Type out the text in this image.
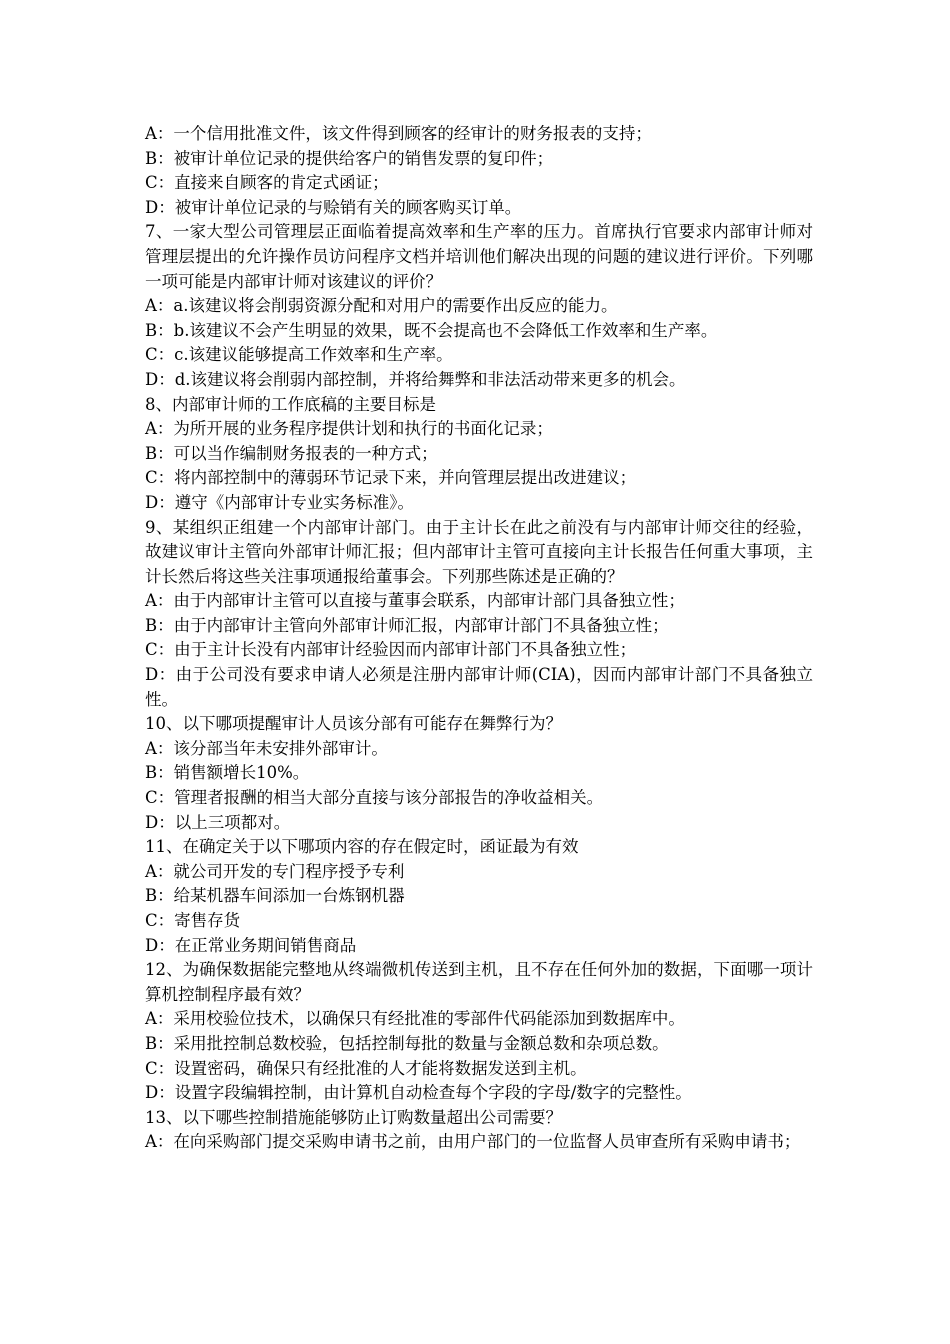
A：一个信用批准文件，该文件得到顾客的经审计的财务报表的支持；

B：被审计单位记录的提供给客户的销售发票的复印件；

C：直接来自顾客的肯定式函证；

D：被审计单位记录的与赊销有关的顾客购买订单。

7、一家大型公司管理层正面临着提高效率和生产率的压力。首席执行官要求内部审计师对管理层提出的允许操作员访问程序文档并培训他们解决出现的问题的建议进行评价。下列哪一项可能是内部审计师对该建议的评价？

A：a.该建议将会削弱资源分配和对用户的需要作出反应的能力。

B：b.该建议不会产生明显的效果，既不会提高也不会降低工作效率和生产率。

C：c.该建议能够提高工作效率和生产率。

D：d.该建议将会削弱内部控制，并将给舞弊和非法活动带来更多的机会。

8、内部审计师的工作底稿的主要目标是

A：为所开展的业务程序提供计划和执行的书面化记录；

B：可以当作编制财务报表的一种方式；

C：将内部控制中的薄弱环节记录下来，并向管理层提出改进建议；

D：遵守《内部审计专业实务标准》。

9、某组织正组建一个内部审计部门。由于主计长在此之前没有与内部审计师交往的经验，故建议审计主管向外部审计师汇报；但内部审计主管可直接向主计长报告任何重大事项，主计长然后将这些关注事项通报给董事会。下列那些陈述是正确的？

A：由于内部审计主管可以直接与董事会联系，内部审计部门具备独立性；

B：由于内部审计主管向外部审计师汇报，内部审计部门不具备独立性；

C：由于主计长没有内部审计经验因而内部审计部门不具备独立性；

D：由于公司没有要求申请人必须是注册内部审计师(CIA)，因而内部审计部门不具备独立性。

10、以下哪项提醒审计人员该分部有可能存在舞弊行为？

A：该分部当年未安排外部审计。

B：销售额增长10%。

C：管理者报酬的相当大部分直接与该分部报告的净收益相关。

D：以上三项都对。

11、在确定关于以下哪项内容的存在假定时，函证最为有效

A：就公司开发的专门程序授予专利

B：给某机器车间添加一台炼钢机器

C：寄售存货

D：在正常业务期间销售商品

12、为确保数据能完整地从终端微机传送到主机，且不存在任何外加的数据，下面哪一项计算机控制程序最有效？

A：采用校验位技术，以确保只有经批准的零部件代码能添加到数据库中。

B：采用批控制总数校验，包括控制每批的数量与金额总数和杂项总数。

C：设置密码，确保只有经批准的人才能将数据发送到主机。

D：设置字段编辑控制，由计算机自动检查每个字段的字母/数字的完整性。

13、以下哪些控制措施能够防止订购数量超出公司需要？

A：在向采购部门提交采购申请书之前，由用户部门的一位监督人员审查所有采购申请书；
